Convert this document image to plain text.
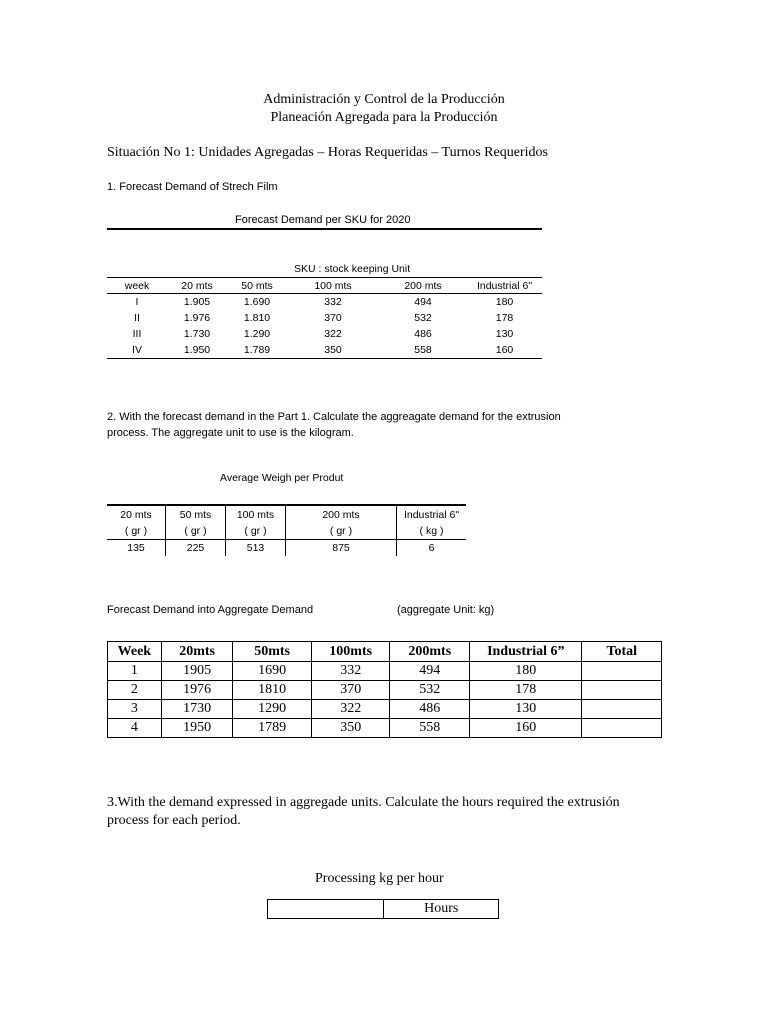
Administración y Control de la Producción
Planeación Agregada para la Producción
Situación No 1: Unidades Agregadas – Horas Requeridas – Turnos Requeridos
1. Forecast Demand of Strech Film
Forecast Demand per SKU for 2020
SKU : stock keeping Unit
week	20 mts	50 mts	100 mts	200 mts	Industrial 6"
I	1.905	1.690	332	494	180
II	1.976	1.810	370	532	178
III	1.730	1.290	322	486	130
IV	1.950	1.789	350	558	160
2. With the forecast demand in the Part 1. Calculate the aggreagate demand for the extrusion
process. The aggregate unit to use is the kilogram.
Average Weigh per Produt
20 mts	50 mts	100 mts	200 mts	Industrial 6"
( gr )	( gr )	( gr )	( gr )	( kg )
135	225	513	875	6
Forecast Demand into Aggregate Demand	(aggregate Unit: kg)
Week	20mts	50mts	100mts	200mts	Industrial 6”	Total
1	1905	1690	332	494	180	
2	1976	1810	370	532	178	
3	1730	1290	322	486	130	
4	1950	1789	350	558	160	
3.With the demand expressed in aggregade units. Calculate the hours required the extrusión
process for each period.
Processing kg per hour
	Hours
